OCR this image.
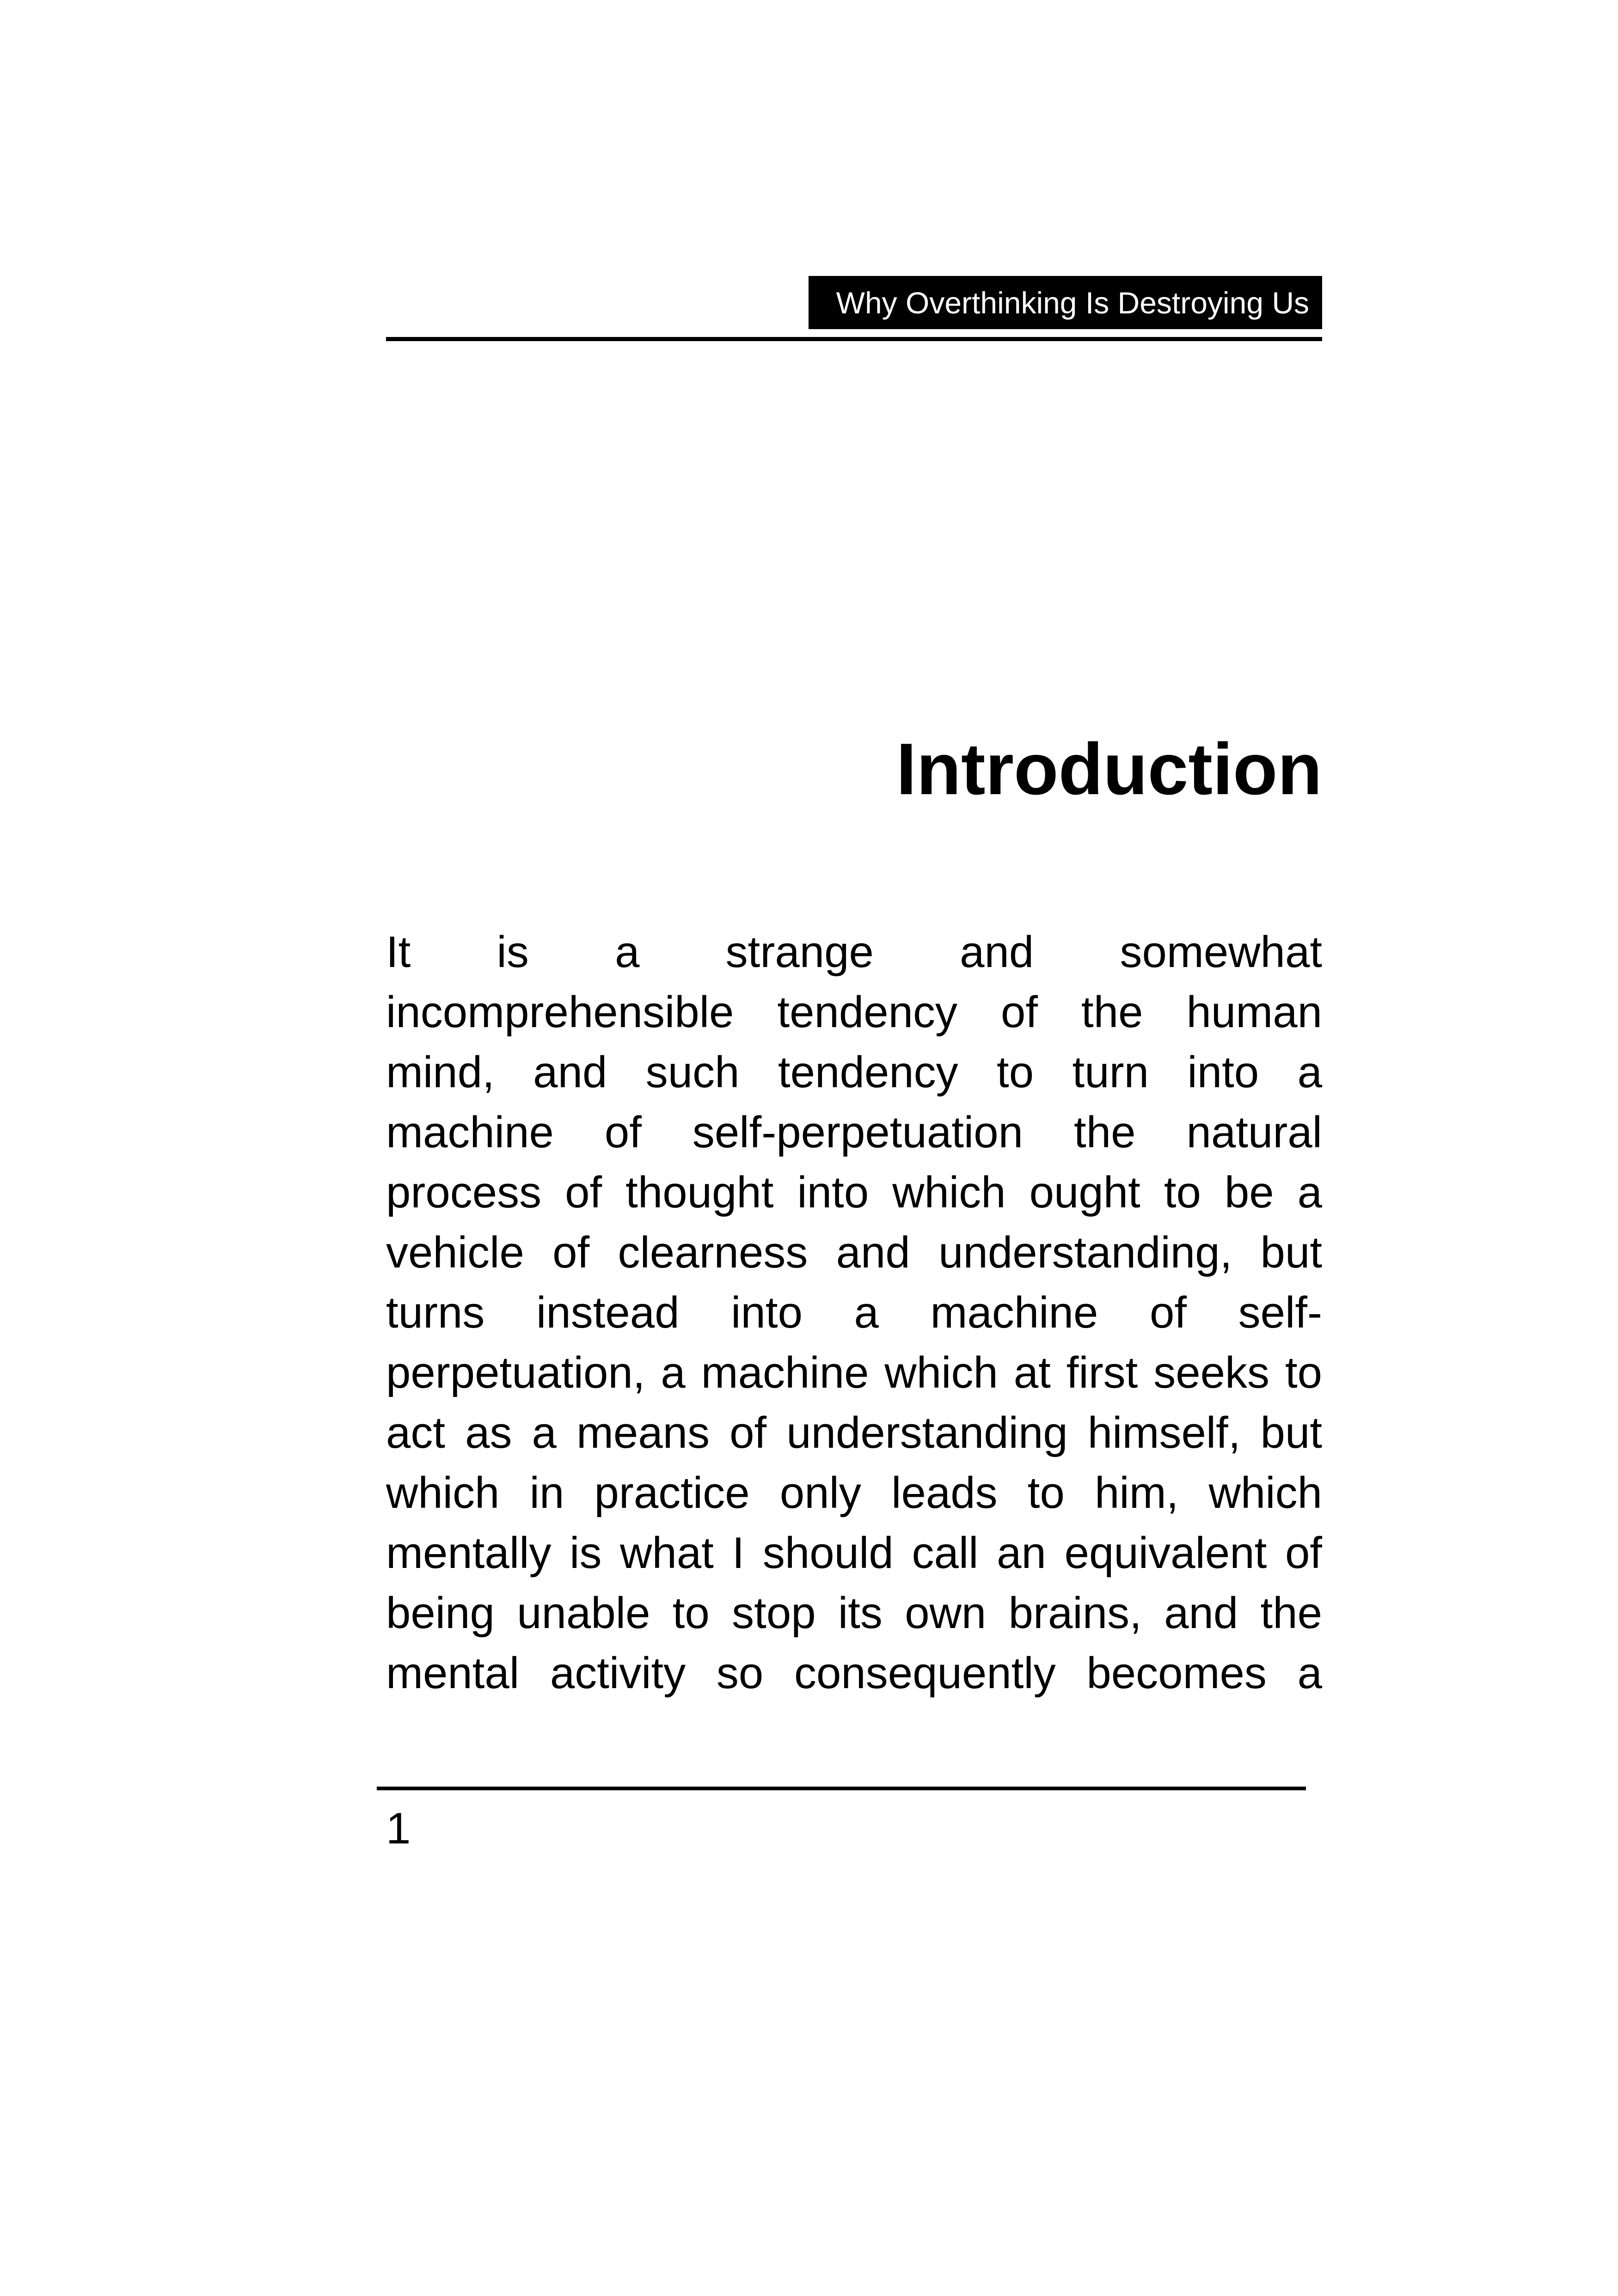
Why Overthinking Is Destroying Us
Introduction
It is a strange and somewhat
incomprehensible tendency of the human
mind, and such tendency to turn into a
machine of self-perpetuation the natural
process of thought into which ought to be a
vehicle of clearness and understanding, but
turns instead into a machine of self-
perpetuation, a machine which at first seeks to
act as a means of understanding himself, but
which in practice only leads to him, which
mentally is what I should call an equivalent of
being unable to stop its own brains, and the
mental activity so consequently becomes a
1
